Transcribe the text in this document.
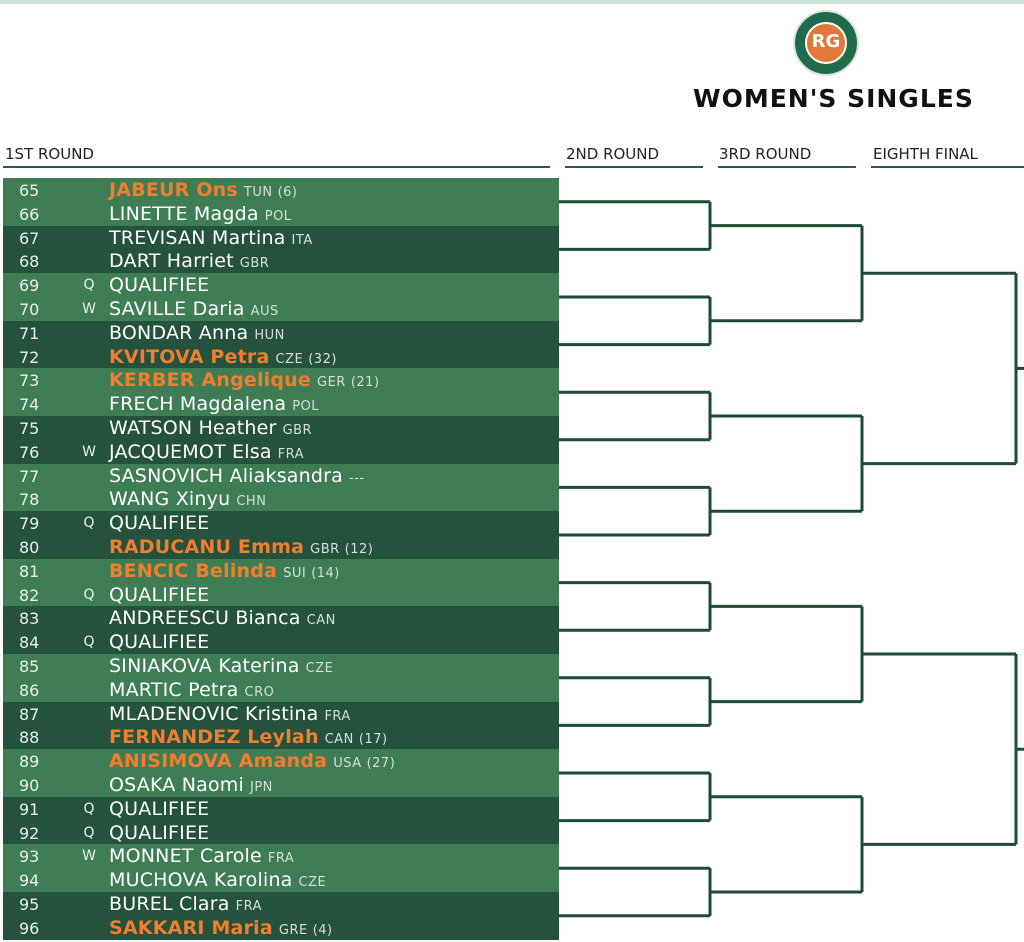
RG
WOMEN'S SINGLES
1ST ROUND	2ND ROUND	3RD ROUND	EIGHTH FINAL
65	JABEUR Ons TUN (6)
66	LINETTE Magda POL
67	TREVISAN Martina ITA
68	DART Harriet GBR
69	Q QUALIFIEE
70	W SAVILLE Daria AUS
71	BONDAR Anna HUN
72	KVITOVA Petra CZE (32)
73	KERBER Angelique GER (21)
74	FRECH Magdalena POL
75	WATSON Heather GBR
76	W JACQUEMOT Elsa FRA
77	SASNOVICH Aliaksandra ---
78	WANG Xinyu CHN
79	Q QUALIFIEE
80	RADUCANU Emma GBR (12)
81	BENCIC Belinda SUI (14)
82	Q QUALIFIEE
83	ANDREESCU Bianca CAN
84	Q QUALIFIEE
85	SINIAKOVA Katerina CZE
86	MARTIC Petra CRO
87	MLADENOVIC Kristina FRA
88	FERNANDEZ Leylah CAN (17)
89	ANISIMOVA Amanda USA (27)
90	OSAKA Naomi JPN
91	Q QUALIFIEE
92	Q QUALIFIEE
93	W MONNET Carole FRA
94	MUCHOVA Karolina CZE
95	BUREL Clara FRA
96	SAKKARI Maria GRE (4)
